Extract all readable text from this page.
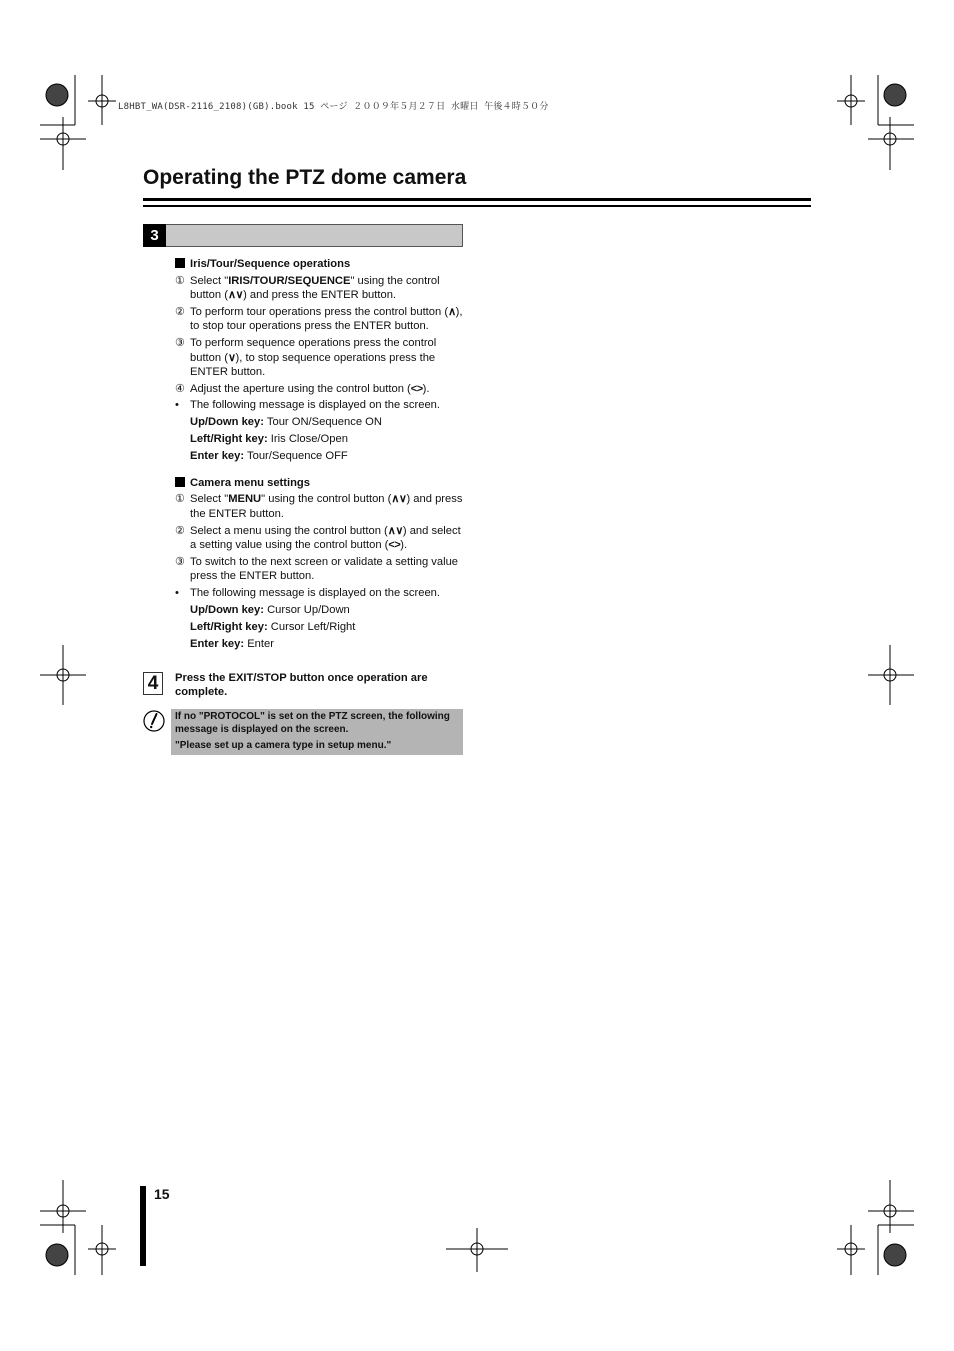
L8HBT_WA(DSR-2116_2108)(GB).book 15 ページ ２００９年５月２７日 水曜日 午後４時５０分
Operating the PTZ dome camera
3
Iris/Tour/Sequence operations
① Select "IRIS/TOUR/SEQUENCE" using the control button (∧∨) and press the ENTER button.
② To perform tour operations press the control button (∧), to stop tour operations press the ENTER button.
③ To perform sequence operations press the control button (∨), to stop sequence operations press the ENTER button.
④ Adjust the aperture using the control button (<>).
• The following message is displayed on the screen.
Up/Down key: Tour ON/Sequence ON
Left/Right key: Iris Close/Open
Enter key: Tour/Sequence OFF
Camera menu settings
① Select "MENU" using the control button (∧∨) and press the ENTER button.
② Select a menu using the control button (∧∨) and select a setting value using the control button (<>).
③ To switch to the next screen or validate a setting value press the ENTER button.
• The following message is displayed on the screen.
Up/Down key: Cursor Up/Down
Left/Right key: Cursor Left/Right
Enter key: Enter
4	Press the EXIT/STOP button once operation are complete.
If no "PROTOCOL" is set on the PTZ screen, the following message is displayed on the screen.
"Please set up a camera type in setup menu."
15
